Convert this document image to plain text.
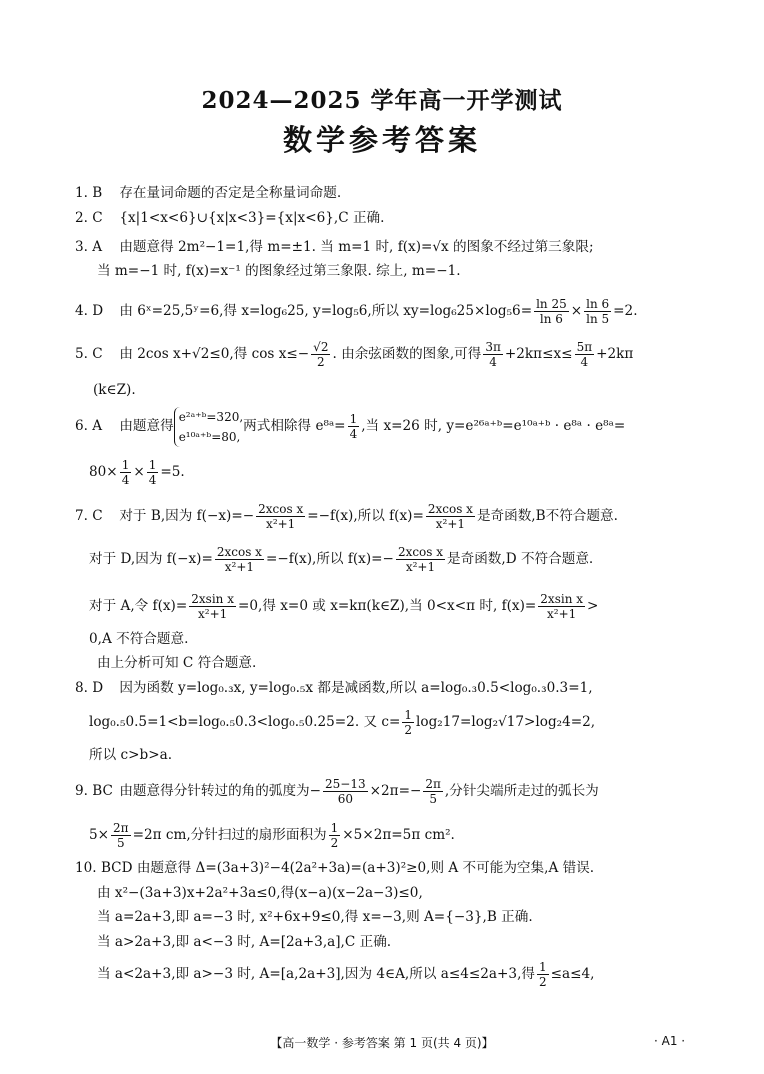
2024—2025 学年高一开学测试
数学参考答案
1. B 存在量词命题的否定是全称量词命题.
2. C {x|1<x<6}∪{x|x<3}={x|x<6},C 正确.
3. A 由题意得 2m²−1=1,得 m=±1. 当 m=1 时, f(x)=√x 的图象不经过第三象限;
当 m=−1 时, f(x)=x⁻¹ 的图象经过第三象限. 综上, m=−1.
4. D 由 6ˣ=25,5ʸ=6,得 x=log₆25, y=log₅6,所以 $xy=\log_625\times\log_56= \frac{\ln 25}{\ln 6} \times \frac{\ln 6}{\ln 5} =2$.
5. C 由 2cos x+√2≤0,得 $\cos x\le- \frac{√2}{2}$ . 由余弦函数的图象,可得 $\frac{3\pi}{4} +2k\pi\le x\le \frac{5\pi}{4} +2k\pi$
(k∈Z).
6. A 由题意得
e²ᵃ⁺ᵇ=320,
e¹⁰ᵃ⁺ᵇ=80,
两式相除得 e⁸ᵃ= $\frac{1}{4}$ ,当 x=26 时, y=e²⁶ᵃ⁺ᵇ=e¹⁰ᵃ⁺ᵇ · e⁸ᵃ · e⁸ᵃ=
$80\times \frac{1}{4} \times \frac{1}{4} =5$.
7. C 对于 B,因为 $f(-x)=- \frac{\text{2xcos x}}{\text{x²+1}} =-f(x)$,所以 $f(x)= \frac{\text{2xcos x}}{\text{x²+1}}$ 是奇函数,B不符合题意.
对于 D,因为 $f(-x)= \frac{\text{2xcos x}}{\text{x²+1}} =-f(x)$,所以 $f(x)=- \frac{\text{2xcos x}}{\text{x²+1}}$ 是奇函数,D 不符合题意.
对于 A,令 $f(x)= \frac{\text{2xsin x}}{\text{x²+1}} =0$,得 x=0 或 x=kπ(k∈Z),当 0<x<π 时, $f(x)= \frac{\text{2xsin x}}{\text{x²+1}}$ >
0,A 不符合题意.
由上分析可知 C 符合题意.
8. D 因为函数 y=log₀.₃x, y=log₀.₅x 都是减函数,所以 a=log₀.₃0.5<log₀.₃0.3=1,
log₀.₅0.5=1<b=log₀.₅0.3<log₀.₅0.25=2. 又 $c= \frac{1}{2} \log_217=\log_2√17>\log_24=2$,
所以 c>b>a.
9. BC 由题意得分针转过的角的弧度为− $\frac{25-13}{60} \times 2\pi=- \frac{2\pi}{5}$ ,分针尖端所走过的弧长为
$5\times \frac{2\pi}{5} =2\pi$ cm,分针扫过的扇形面积为 $\frac{1}{2} \times 5\times 2\pi=5\pi$ cm².
10. BCD 由题意得 Δ=(3a+3)²−4(2a²+3a)=(a+3)²≥0,则 A 不可能为空集,A 错误.
由 x²−(3a+3)x+2a²+3a≤0,得(x−a)(x−2a−3)≤0,
当 a=2a+3,即 a=−3 时, x²+6x+9≤0,得 x=−3,则 A={−3},B 正确.
当 a>2a+3,即 a<−3 时, A=[2a+3,a],C 正确.
当 a<2a+3,即 a>−3 时, A=[a,2a+3],因为 4∈A,所以 a≤4≤2a+3,得 $\frac{1}{2} \le a\le 4$,
【高一数学 · 参考答案 第 1 页(共 4 页)】	· A1 ·
